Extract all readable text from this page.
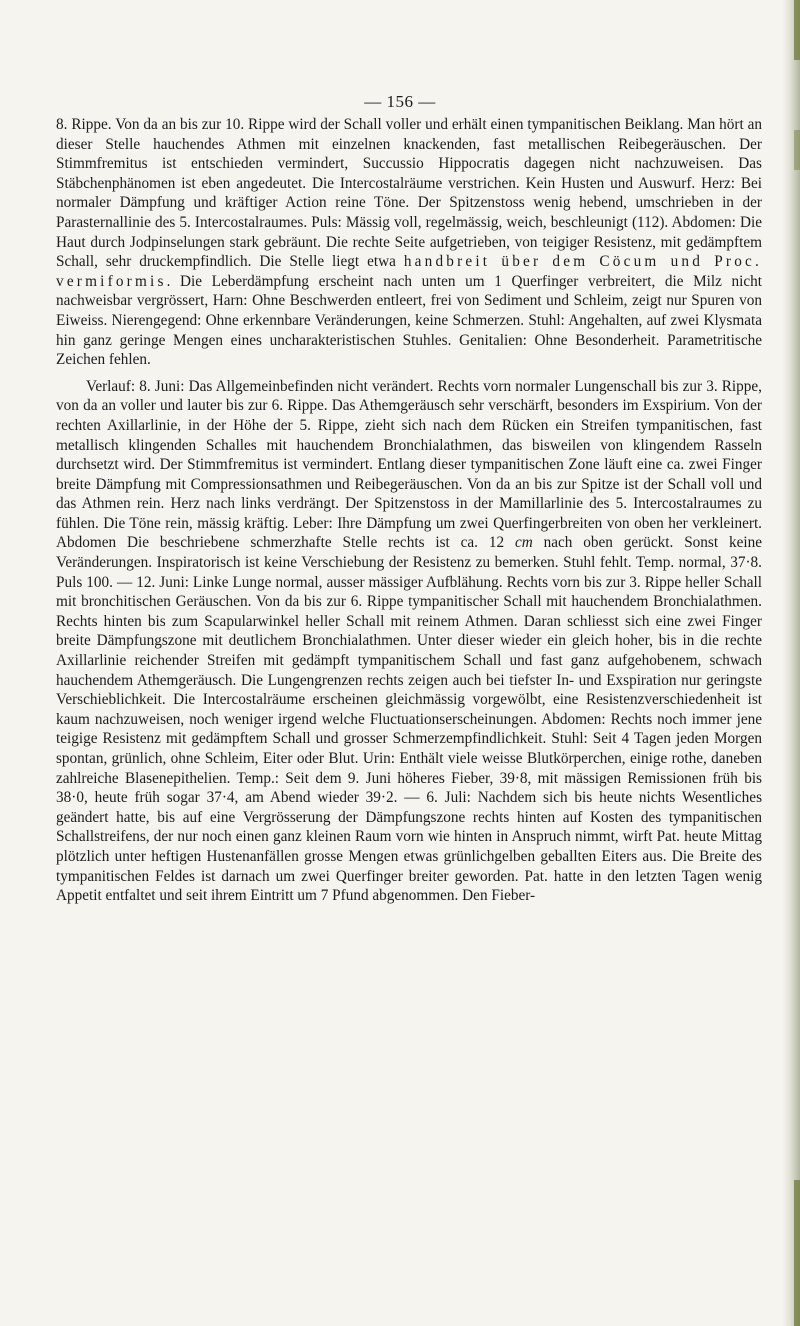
— 156 —

8. Rippe. Von da an bis zur 10. Rippe wird der Schall voller und erhält einen tympanitischen Beiklang. Man hört an dieser Stelle hauchendes Athmen mit einzelnen knackenden, fast metallischen Reibegeräuschen. Der Stimmfremitus ist entschieden vermindert, Succussio Hippocratis dagegen nicht nachzuweisen. Das Stäbchenphänomen ist eben angedeutet. Die Intercostalräume verstrichen. Kein Husten und Auswurf. Herz: Bei normaler Dämpfung und kräftiger Action reine Töne. Der Spitzenstoss wenig hebend, umschrieben in der Parasternallinie des 5. Intercostalraumes. Puls: Mässig voll, regelmässig, weich, beschleunigt (112). Abdomen: Die Haut durch Jodpinselungen stark gebräunt. Die rechte Seite aufgetrieben, von teigiger Resistenz, mit gedämpftem Schall, sehr druckempfindlich. Die Stelle liegt etwa handbreit über dem Cöcum und Proc. vermiformis. Die Leberdämpfung erscheint nach unten um 1 Querfinger verbreitert, die Milz nicht nachweisbar vergrössert, Harn: Ohne Beschwerden entleert, frei von Sediment und Schleim, zeigt nur Spuren von Eiweiss. Nierengegend: Ohne erkennbare Veränderungen, keine Schmerzen. Stuhl: Angehalten, auf zwei Klysmata hin ganz geringe Mengen eines uncharakteristischen Stuhles. Genitalien: Ohne Besonderheit. Parametritische Zeichen fehlen.

Verlauf: 8. Juni: Das Allgemeinbefinden nicht verändert. Rechts vorn normaler Lungenschall bis zur 3. Rippe, von da an voller und lauter bis zur 6. Rippe. Das Athemgeräusch sehr verschärft, besonders im Exspirium. Von der rechten Axillarlinie, in der Höhe der 5. Rippe, zieht sich nach dem Rücken ein Streifen tympanitischen, fast metallisch klingenden Schalles mit hauchendem Bronchialathmen, das bisweilen von klingendem Rasseln durchsetzt wird. Der Stimmfremitus ist vermindert. Entlang dieser tympanitischen Zone läuft eine ca. zwei Finger breite Dämpfung mit Compressionsathmen und Reibegeräuschen. Von da an bis zur Spitze ist der Schall voll und das Athmen rein. Herz nach links verdrängt. Der Spitzenstoss in der Mamillarlinie des 5. Intercostalraumes zu fühlen. Die Töne rein, mässig kräftig. Leber: Ihre Dämpfung um zwei Querfingerbreiten von oben her verkleinert. Abdomen Die beschriebene schmerzhafte Stelle rechts ist ca. 12 cm nach oben gerückt. Sonst keine Veränderungen. Inspiratorisch ist keine Verschiebung der Resistenz zu bemerken. Stuhl fehlt. Temp. normal, 37·8. Puls 100. — 12. Juni: Linke Lunge normal, ausser mässiger Aufblähung. Rechts vorn bis zur 3. Rippe heller Schall mit bronchitischen Geräuschen. Von da bis zur 6. Rippe tympanitischer Schall mit hauchendem Bronchialathmen. Rechts hinten bis zum Scapularwinkel heller Schall mit reinem Athmen. Daran schliesst sich eine zwei Finger breite Dämpfungszone mit deutlichem Bronchialathmen. Unter dieser wieder ein gleich hoher, bis in die rechte Axillarlinie reichender Streifen mit gedämpft tympanitischem Schall und fast ganz aufgehobenem, schwach hauchendem Athemgeräusch. Die Lungengrenzen rechts zeigen auch bei tiefster In- und Exspiration nur geringste Verschieblichkeit. Die Intercostalräume erscheinen gleichmässig vorgewölbt, eine Resistenzverschiedenheit ist kaum nachzuweisen, noch weniger irgend welche Fluctuationserscheinungen. Abdomen: Rechts noch immer jene teigige Resistenz mit gedämpftem Schall und grosser Schmerzempfindlichkeit. Stuhl: Seit 4 Tagen jeden Morgen spontan, grünlich, ohne Schleim, Eiter oder Blut. Urin: Enthält viele weisse Blutkörperchen, einige rothe, daneben zahlreiche Blasenepithelien. Temp.: Seit dem 9. Juni höheres Fieber, 39·8, mit mässigen Remissionen früh bis 38·0, heute früh sogar 37·4, am Abend wieder 39·2. — 6. Juli: Nachdem sich bis heute nichts Wesentliches geändert hatte, bis auf eine Vergrösserung der Dämpfungszone rechts hinten auf Kosten des tympanitischen Schallstreifens, der nur noch einen ganz kleinen Raum vorn wie hinten in Anspruch nimmt, wirft Pat. heute Mittag plötzlich unter heftigen Hustenanfällen grosse Mengen etwas grünlichgelben geballten Eiters aus. Die Breite des tympanitischen Feldes ist darnach um zwei Querfinger breiter geworden. Pat. hatte in den letzten Tagen wenig Appetit entfaltet und seit ihrem Eintritt um 7 Pfund abgenommen. Den Fieber-
